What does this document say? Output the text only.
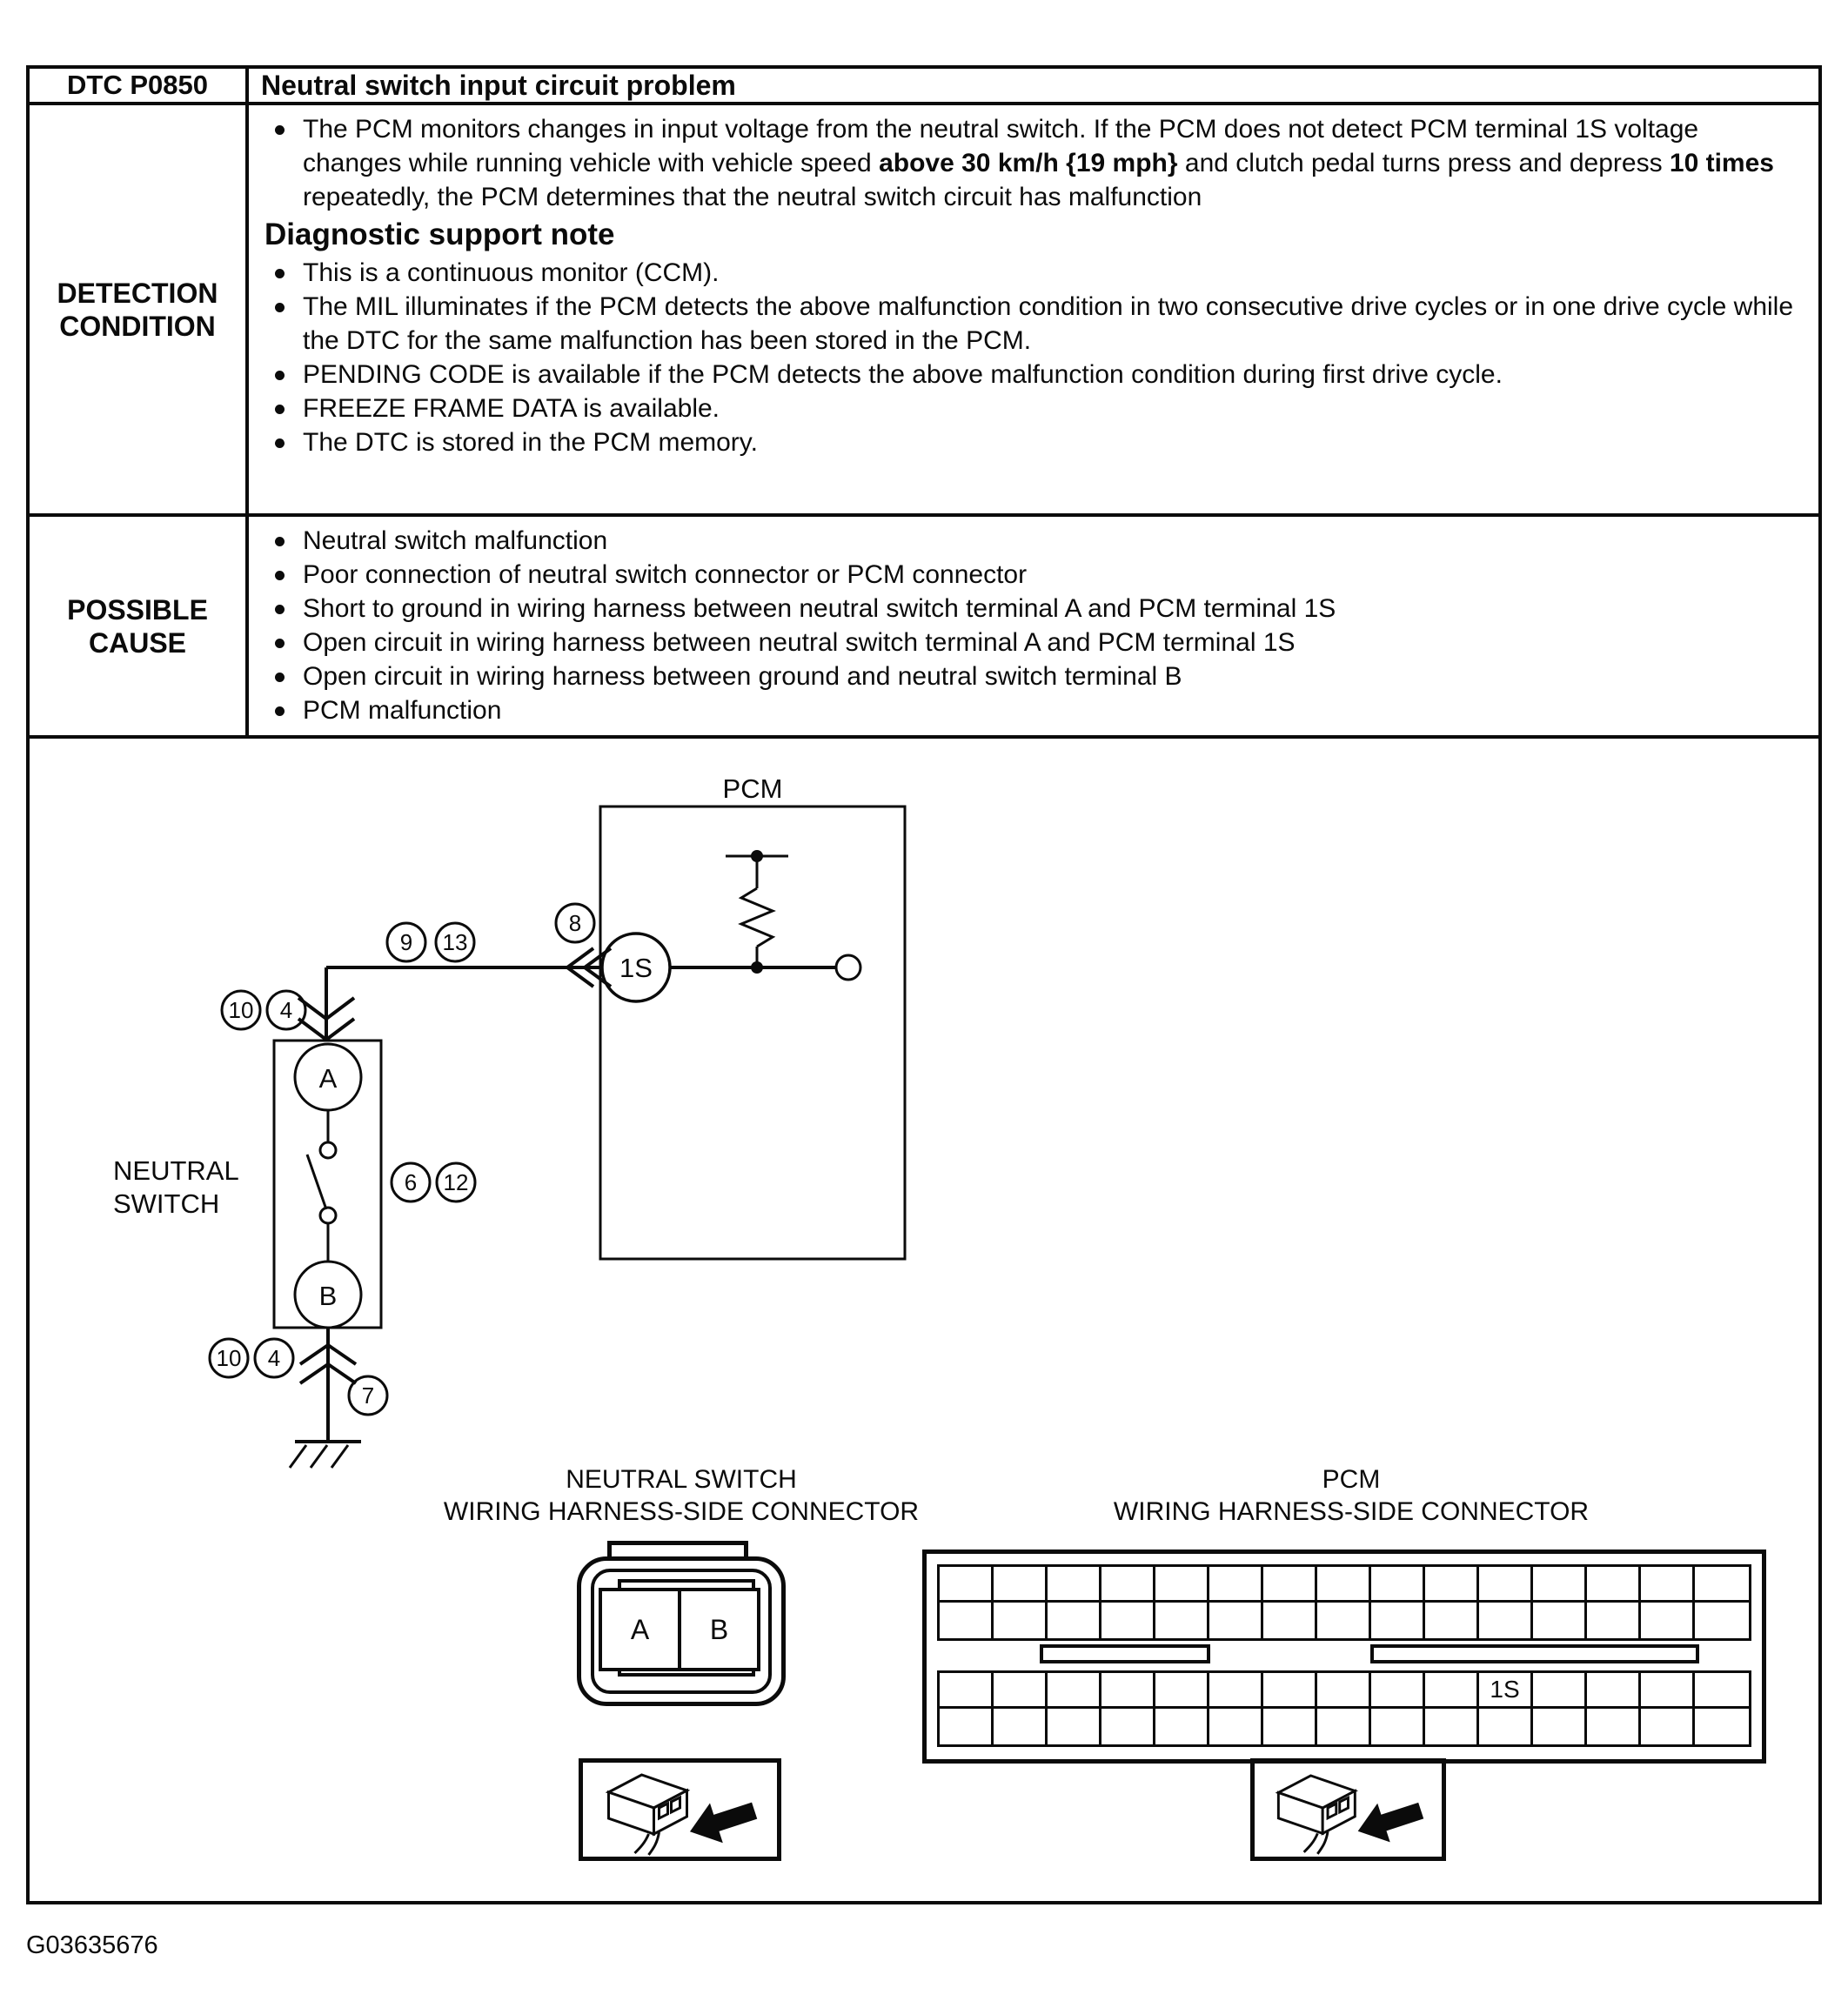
DTC P0850	Neutral switch input circuit problem
DETECTION CONDITION
The PCM monitors changes in input voltage from the neutral switch. If the PCM does not detect PCM terminal 1S voltage changes while running vehicle with vehicle speed above 30 km/h {19 mph} and clutch pedal turns press and depress 10 times repeatedly, the PCM determines that the neutral switch circuit has malfunction
Diagnostic support note
This is a continuous monitor (CCM).
The MIL illuminates if the PCM detects the above malfunction condition in two consecutive drive cycles or in one drive cycle while the DTC for the same malfunction has been stored in the PCM.
PENDING CODE is available if the PCM detects the above malfunction condition during first drive cycle.
FREEZE FRAME DATA is available.
The DTC is stored in the PCM memory.
POSSIBLE CAUSE
Neutral switch malfunction
Poor connection of neutral switch connector or PCM connector
Short to ground in wiring harness between neutral switch terminal A and PCM terminal 1S
Open circuit in wiring harness between neutral switch terminal A and PCM terminal 1S
Open circuit in wiring harness between ground and neutral switch terminal B
PCM malfunction
PCM
1S
8
9 13
10 4
A
B
NEUTRAL
SWITCH
6 12
10 4
7
NEUTRAL SWITCH
WIRING HARNESS-SIDE CONNECTOR
PCM
WIRING HARNESS-SIDE CONNECTOR
A	B
1S
G03635676
